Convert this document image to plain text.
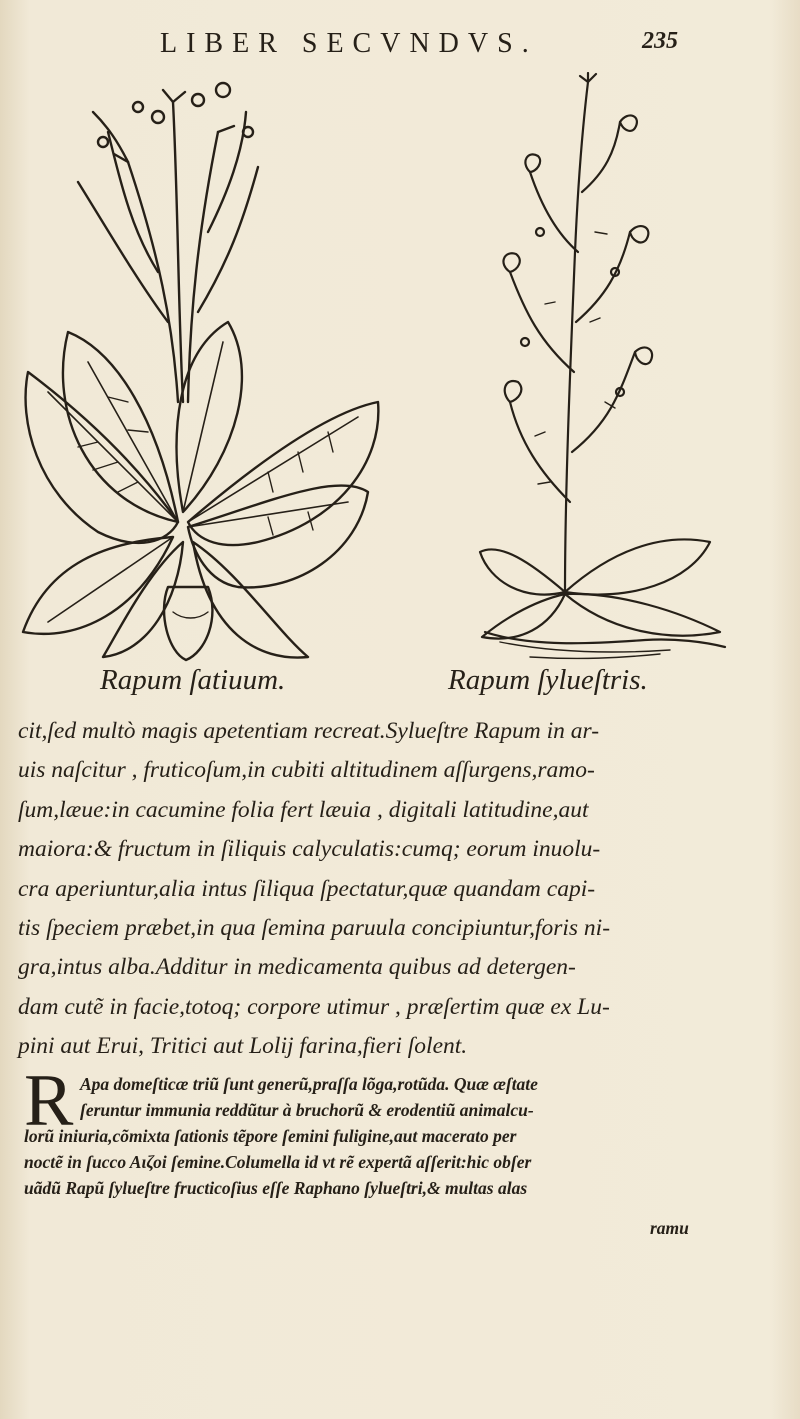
LIBER SECVNDVS.	235
Rapum ſatiuum.	Rapum ſylueſtris.
cit,ſed multò magis apetentiam recreat.Sylueſtre Rapum in ar-
uis naſcitur , fruticoſum,in cubiti altitudinem aſſurgens,ramo-
ſum,læue:in cacumine folia fert læuia , digitali latitudine,aut
maiora:& fructum in ſiliquis calyculatis:cumq; eorum inuolu-
cra aperiuntur,alia intus ſiliqua ſpectatur,quæ quandam capi-
tis ſpeciem præbet,in qua ſemina paruula concipiuntur,foris ni-
gra,intus alba.Additur in medicamenta quibus ad detergen-
dam cutẽ in facie,totoq; corpore utimur , præſertim quæ ex Lu-
pini aut Erui, Tritici aut Lolij farina,fieri ſolent.
R Apa domeſticæ triũ ſunt generũ,praſſa lõga,rotũda. Quæ æſtate
ſeruntur immunia reddũtur à bruchorũ & erodentiũ animalcu-
lorũ iniuria,cõmixta ſationis tẽpore ſemini fuligine,aut macerato per
noctẽ in ſucco Aιζοi ſemine.Columella id vt rẽ expertã aſſerit:hic obſer
uãdũ Rapũ ſylueſtre fructicoſius eſſe Raphano ſylueſtri,& multas alas
ramu
